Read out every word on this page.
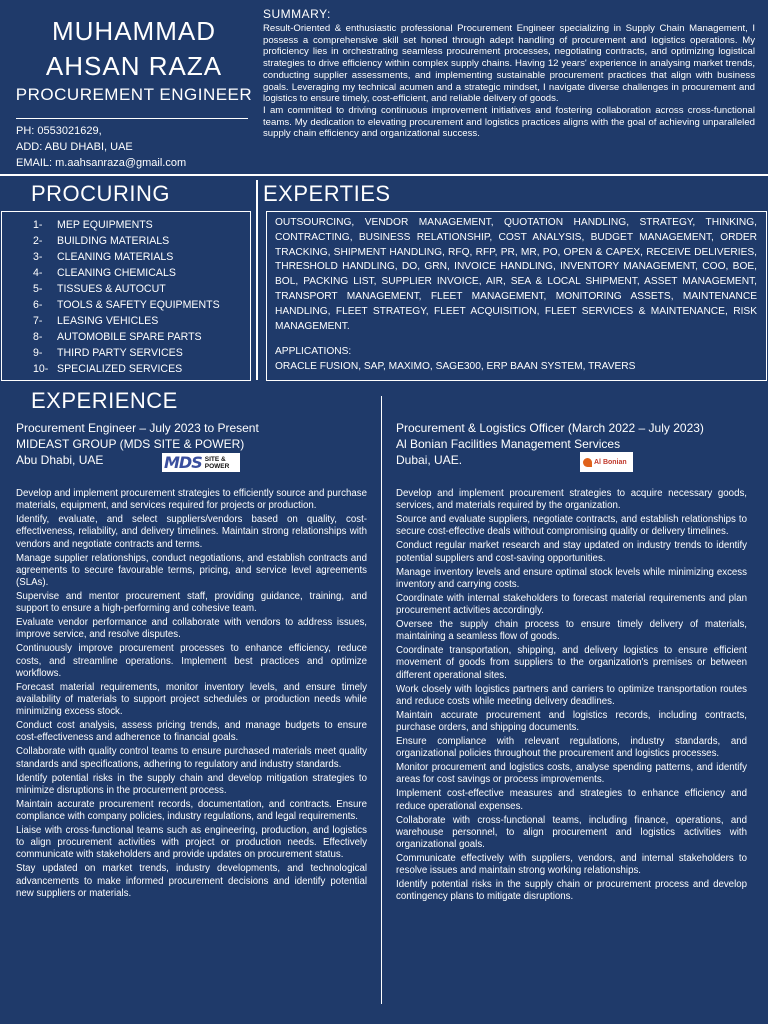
MUHAMMAD
AHSAN RAZA
PROCUREMENT ENGINEER
PH: 0553021629,
ADD: ABU DHABI, UAE
EMAIL: m.aahsanraza@gmail.com
SUMMARY:

Result-Oriented & enthusiastic professional Procurement Engineer specializing in Supply Chain Management, I possess a comprehensive skill set honed through adept handling of procurement and logistics operations. My proficiency lies in orchestrating seamless procurement processes, negotiating contracts, and optimizing logistical strategies to drive efficiency within complex supply chains. Having 12 years' experience in analysing market trends, conducting supplier assessments, and implementing sustainable procurement practices that align with business goals. Leveraging my technical acumen and a strategic mindset, I navigate diverse challenges in procurement and logistics to ensure timely, cost-efficient, and reliable delivery of goods.

I am committed to driving continuous improvement initiatives and fostering collaboration across cross-functional teams. My dedication to elevating procurement and logistics practices aligns with the goal of achieving unparalleled supply chain efficiency and organizational success.

PROCURING
1- MEP EQUIPMENTS
2- BUILDING MATERIALS
3- CLEANING MATERIALS
4- CLEANING CHEMICALS
5- TISSUES & AUTOCUT
6- TOOLS & SAFETY EQUIPMENTS
7- LEASING VEHICLES
8- AUTOMOBILE SPARE PARTS
9- THIRD PARTY SERVICES
10- SPECIALIZED SERVICES
EXPERTIES
OUTSOURCING, VENDOR MANAGEMENT, QUOTATION HANDLING, STRATEGY, THINKING, CONTRACTING, BUSINESS RELATIONSHIP, COST ANALYSIS, BUDGET MANAGEMENT, ORDER TRACKING, SHIPMENT HANDLING, RFQ, RFP, PR, MR, PO, OPEN & CAPEX, RECEIVE DELIVERIES, THRESHOLD HANDLING, DO, GRN, INVOICE HANDLING, INVENTORY MANAGEMENT, COO, BOE, BOL, PACKING LIST, SUPPLIER INVOICE, AIR, SEA & LOCAL SHIPMENT, ASSET MANAGEMENT, TRANSPORT MANAGEMENT, FLEET MANAGEMENT, MONITORING ASSETS, MAINTENANCE HANDLING, FLEET STRATEGY, FLEET ACQUISITION, FLEET SERVICES & MAINTENANCE, RISK MANAGEMENT.
APPLICATIONS:
ORACLE FUSION, SAP, MAXIMO, SAGE300, ERP BAAN SYSTEM, TRAVERS
EXPERIENCE
Procurement Engineer – July 2023 to Present
MIDEAST GROUP (MDS SITE & POWER)
Abu Dhabi, UAE	MDS SITE &
POWER

Develop and implement procurement strategies to efficiently source and purchase materials, equipment, and services required for projects or production.

Identify, evaluate, and select suppliers/vendors based on quality, cost-effectiveness, reliability, and delivery timelines. Maintain strong relationships with vendors and negotiate contracts and terms.

Manage supplier relationships, conduct negotiations, and establish contracts and agreements to secure favourable terms, pricing, and service level agreements (SLAs).

Supervise and mentor procurement staff, providing guidance, training, and support to ensure a high-performing and cohesive team.

Evaluate vendor performance and collaborate with vendors to address issues, improve service, and resolve disputes.

Continuously improve procurement processes to enhance efficiency, reduce costs, and streamline operations. Implement best practices and optimize workflows.

Forecast material requirements, monitor inventory levels, and ensure timely availability of materials to support project schedules or production needs while minimizing excess stock.

Conduct cost analysis, assess pricing trends, and manage budgets to ensure cost-effectiveness and adherence to financial goals.

Collaborate with quality control teams to ensure purchased materials meet quality standards and specifications, adhering to regulatory and industry standards.

Identify potential risks in the supply chain and develop mitigation strategies to minimize disruptions in the procurement process.

Maintain accurate procurement records, documentation, and contracts. Ensure compliance with company policies, industry regulations, and legal requirements.

Liaise with cross-functional teams such as engineering, production, and logistics to align procurement activities with project or production needs. Effectively communicate with stakeholders and provide updates on procurement status.

Stay updated on market trends, industry developments, and technological advancements to make informed procurement decisions and identify potential new suppliers or materials.

Procurement & Logistics Officer (March 2022 – July 2023)
Al Bonian Facilities Management Services
Dubai, UAE.	Al Bonian

Develop and implement procurement strategies to acquire necessary goods, services, and materials required by the organization.

Source and evaluate suppliers, negotiate contracts, and establish relationships to secure cost-effective deals without compromising quality or delivery timelines.

Conduct regular market research and stay updated on industry trends to identify potential suppliers and cost-saving opportunities.

Manage inventory levels and ensure optimal stock levels while minimizing excess inventory and carrying costs.

Coordinate with internal stakeholders to forecast material requirements and plan procurement activities accordingly.

Oversee the supply chain process to ensure timely delivery of materials, maintaining a seamless flow of goods.

Coordinate transportation, shipping, and delivery logistics to ensure efficient movement of goods from suppliers to the organization's premises or between different operational sites.

Work closely with logistics partners and carriers to optimize transportation routes and reduce costs while meeting delivery deadlines.

Maintain accurate procurement and logistics records, including contracts, purchase orders, and shipping documents.

Ensure compliance with relevant regulations, industry standards, and organizational policies throughout the procurement and logistics processes.

Monitor procurement and logistics costs, analyse spending patterns, and identify areas for cost savings or process improvements.

Implement cost-effective measures and strategies to enhance efficiency and reduce operational expenses.

Collaborate with cross-functional teams, including finance, operations, and warehouse personnel, to align procurement and logistics activities with organizational goals.

Communicate effectively with suppliers, vendors, and internal stakeholders to resolve issues and maintain strong working relationships.

Identify potential risks in the supply chain or procurement process and develop contingency plans to mitigate disruptions.
